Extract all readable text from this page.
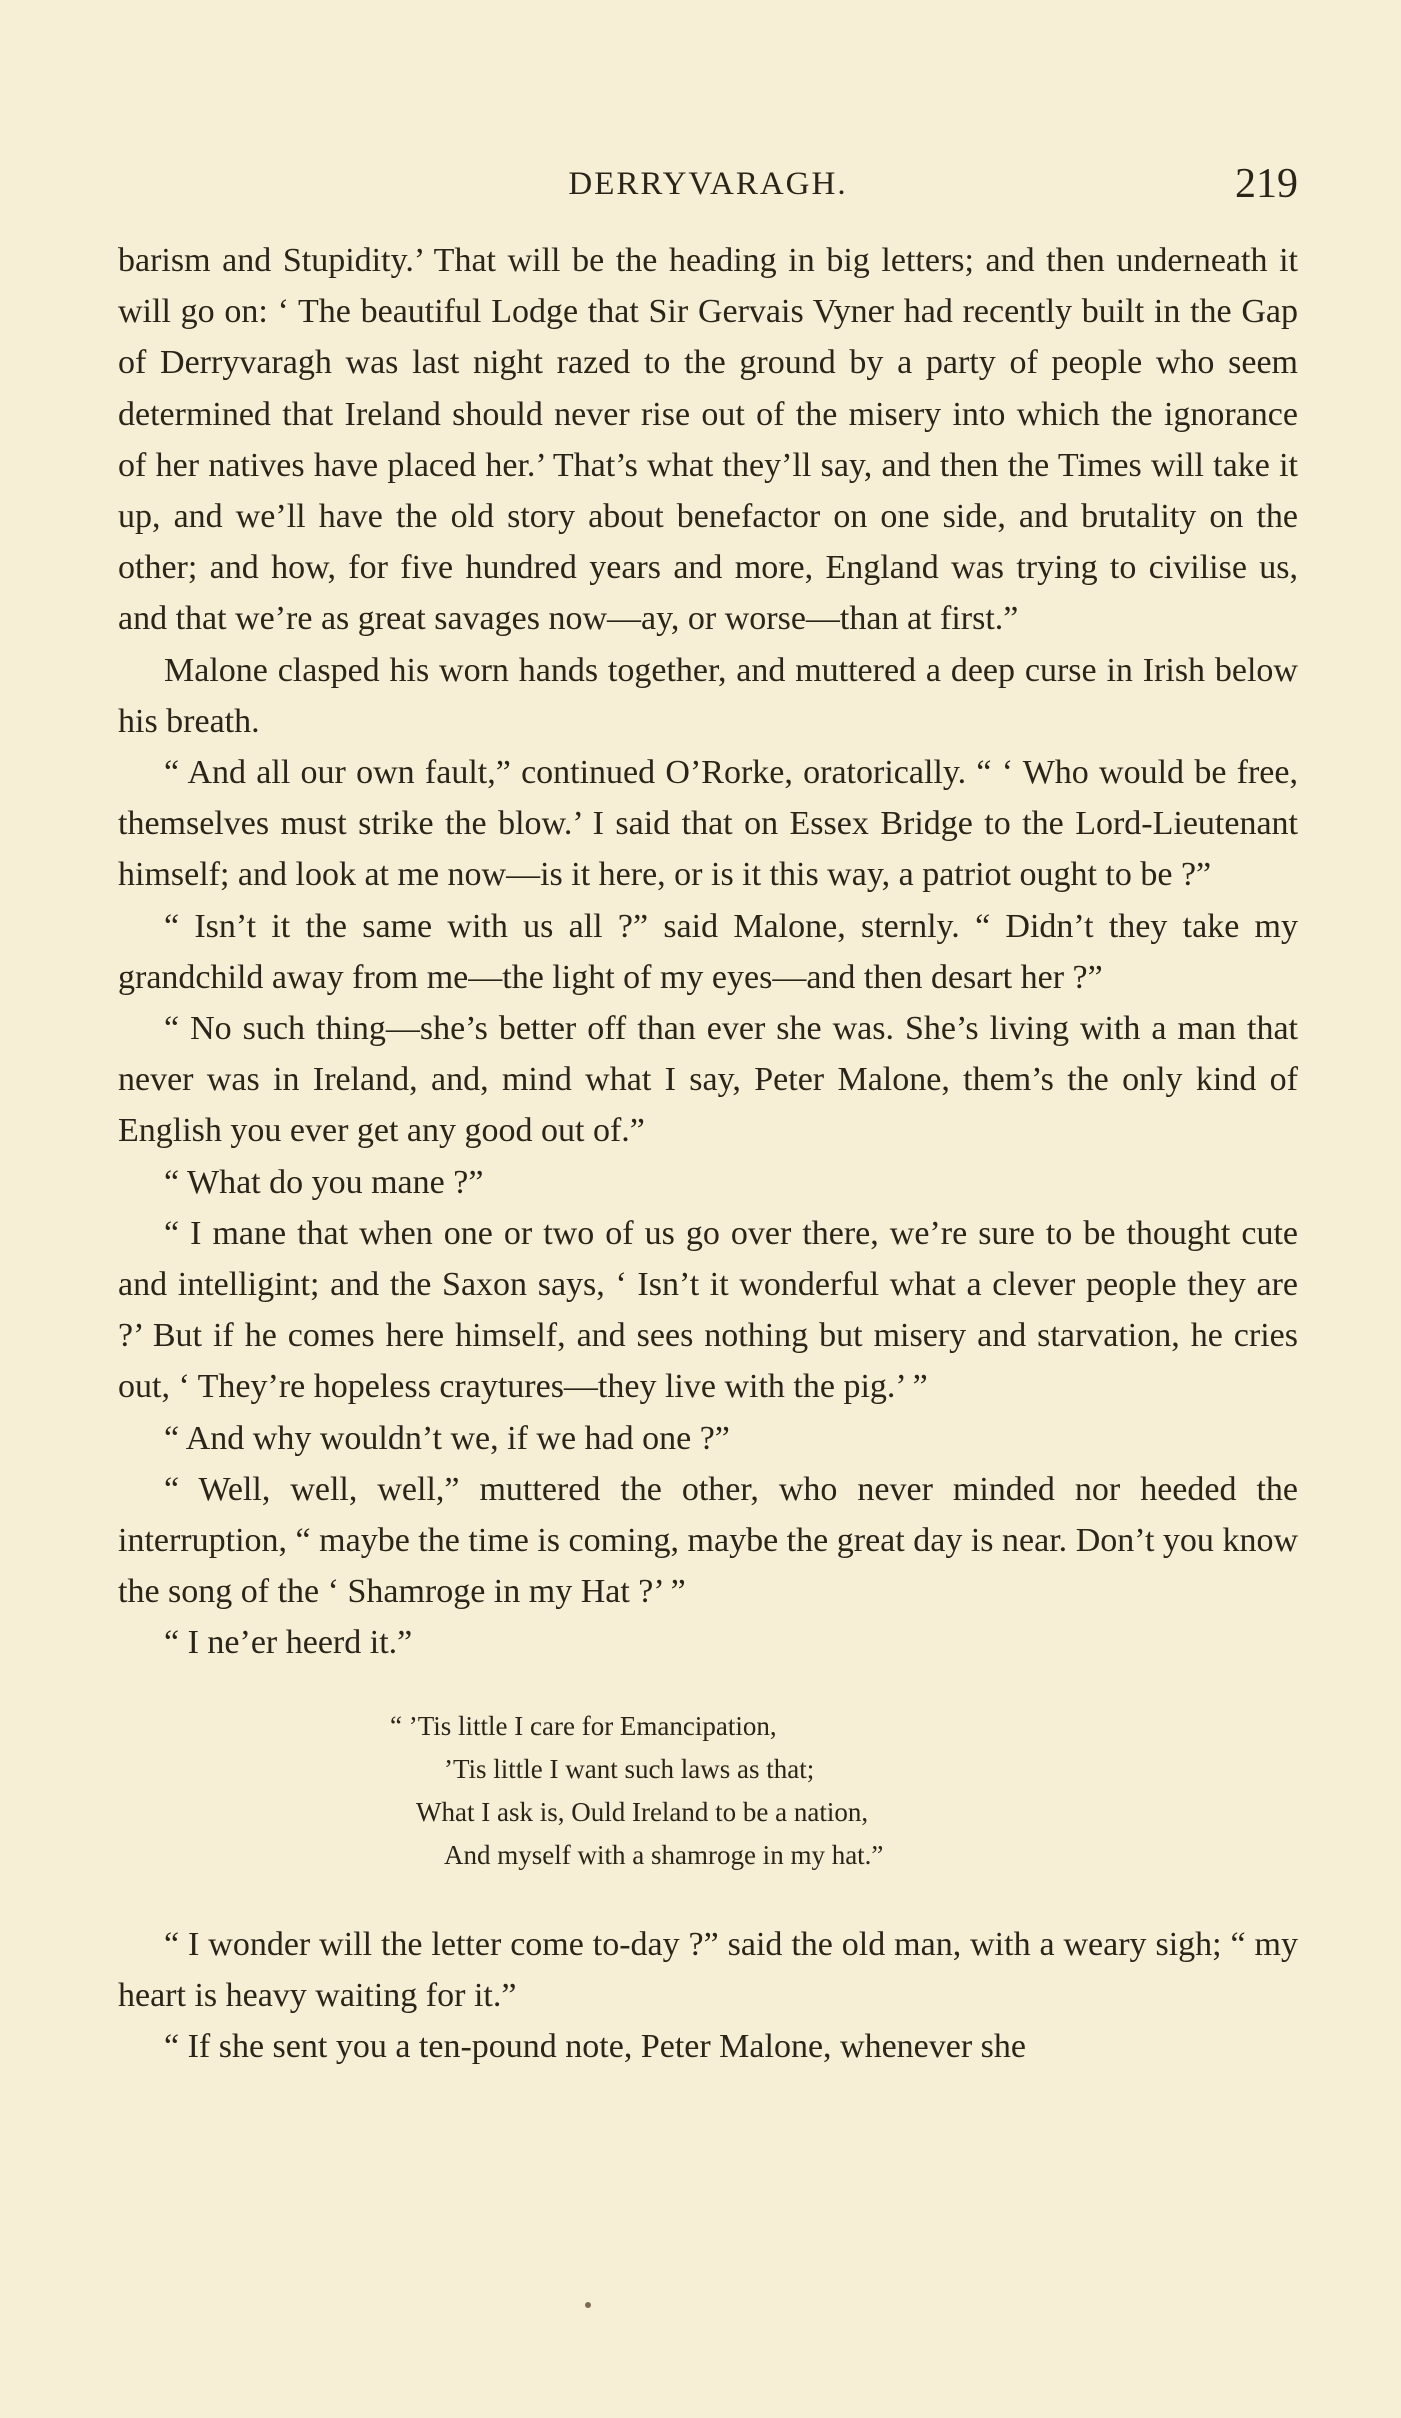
DERRYVARAGH.	219

barism and Stupidity.’ That will be the heading in big letters; and then underneath it will go on: ‘ The beautiful Lodge that Sir Gervais Vyner had recently built in the Gap of Derryvaragh was last night razed to the ground by a party of people who seem determined that Ireland should never rise out of the misery into which the ignorance of her natives have placed her.’ That’s what they’ll say, and then the Times will take it up, and we’ll have the old story about benefactor on one side, and brutality on the other; and how, for five hundred years and more, England was trying to civilise us, and that we’re as great savages now—ay, or worse—than at first.”

Malone clasped his worn hands together, and muttered a deep curse in Irish below his breath.

“ And all our own fault,” continued O’Rorke, oratorically. “ ‘ Who would be free, themselves must strike the blow.’ I said that on Essex Bridge to the Lord-Lieutenant himself; and look at me now—is it here, or is it this way, a patriot ought to be ?”

“ Isn’t it the same with us all ?” said Malone, sternly. “ Didn’t they take my grandchild away from me—the light of my eyes—and then desart her ?”

“ No such thing—she’s better off than ever she was. She’s living with a man that never was in Ireland, and, mind what I say, Peter Malone, them’s the only kind of English you ever get any good out of.”

“ What do you mane ?”

“ I mane that when one or two of us go over there, we’re sure to be thought cute and intelligint; and the Saxon says, ‘ Isn’t it wonderful what a clever people they are ?’ But if he comes here himself, and sees nothing but misery and starvation, he cries out, ‘ They’re hopeless craytures—they live with the pig.’ ”

“ And why wouldn’t we, if we had one ?”

“ Well, well, well,” muttered the other, who never minded nor heeded the interruption, “ maybe the time is coming, maybe the great day is near. Don’t you know the song of the ‘ Shamroge in my Hat ?’ ”

“ I ne’er heerd it.”

“ ’Tis little I care for Emancipation,
’Tis little I want such laws as that;
What I ask is, Ould Ireland to be a nation,
And myself with a shamroge in my hat.”

“ I wonder will the letter come to-day ?” said the old man, with a weary sigh; “ my heart is heavy waiting for it.”

“ If she sent you a ten-pound note, Peter Malone, whenever she
